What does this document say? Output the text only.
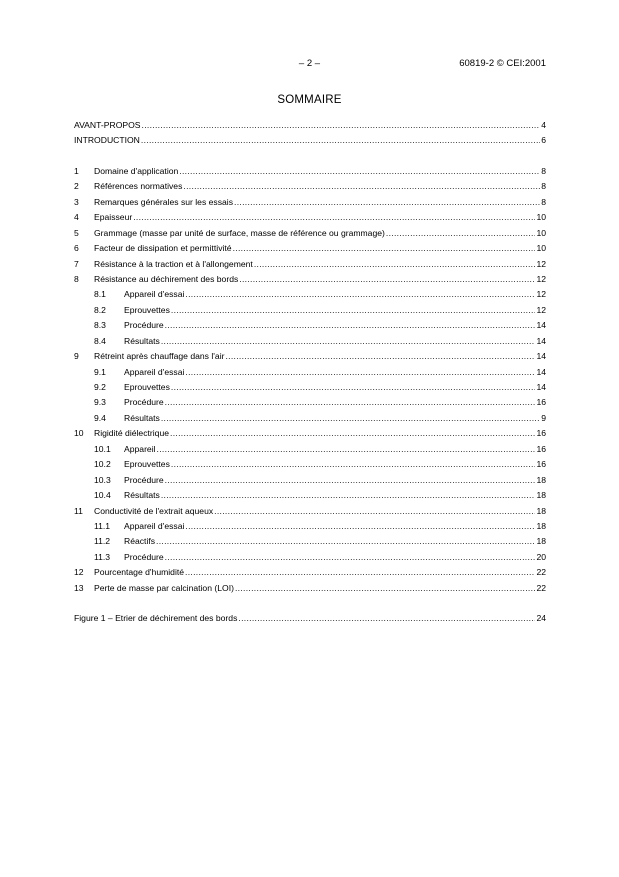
– 2 –	60819-2 © CEI:2001
SOMMAIRE
AVANT-PROPOS .....	4
INTRODUCTION .....	6
1	Domaine d'application .....	8
2	Références normatives .....	8
3	Remarques générales sur les essais .....	8
4	Epaisseur .....	10
5	Grammage (masse par unité de surface, masse de référence ou grammage) .....	10
6	Facteur de dissipation et permittivité .....	10
7	Résistance à la traction et à l'allongement .....	12
8	Résistance au déchirement des bords .....	12
8.1	Appareil d'essai .....	12
8.2	Eprouvettes .....	12
8.3	Procédure .....	14
8.4	Résultats .....	14
9	Rétreint après chauffage dans l'air .....	14
9.1	Appareil d'essai .....	14
9.2	Eprouvettes .....	14
9.3	Procédure .....	16
9.4	Résultats .....	9
10	Rigidité diélectrique .....	16
10.1	Appareil .....	16
10.2	Eprouvettes .....	16
10.3	Procédure .....	18
10.4	Résultats .....	18
11	Conductivité de l'extrait aqueux .....	18
11.1	Appareil d'essai .....	18
11.2	Réactifs .....	18
11.3	Procédure .....	20
12	Pourcentage d'humidité .....	22
13	Perte de masse par calcination (LOI) .....	22
Figure 1 – Etrier de déchirement des bords .....	24
